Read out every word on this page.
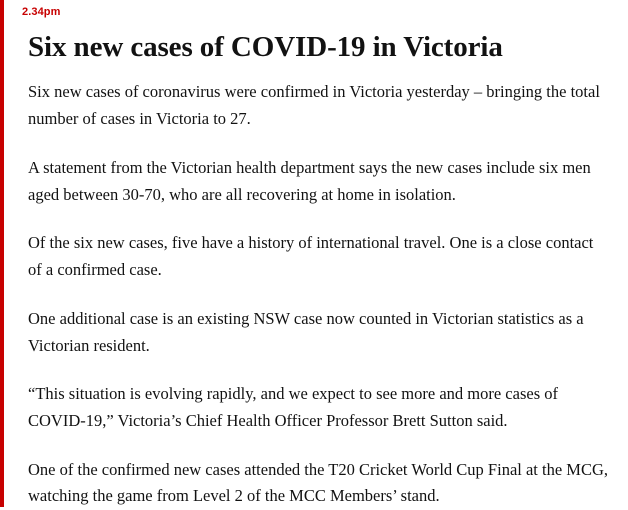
2.34pm
Six new cases of COVID-19 in Victoria

Six new cases of coronavirus were confirmed in Victoria yesterday – bringing the total number of cases in Victoria to 27.

A statement from the Victorian health department says the new cases include six men aged between 30-70, who are all recovering at home in isolation.

Of the six new cases, five have a history of international travel. One is a close contact of a confirmed case.

One additional case is an existing NSW case now counted in Victorian statistics as a Victorian resident.

“This situation is evolving rapidly, and we expect to see more and more cases of COVID-19,” Victoria’s Chief Health Officer Professor Brett Sutton said.

One of the confirmed new cases attended the T20 Cricket World Cup Final at the MCG, watching the game from Level 2 of the MCC Members’ stand.
